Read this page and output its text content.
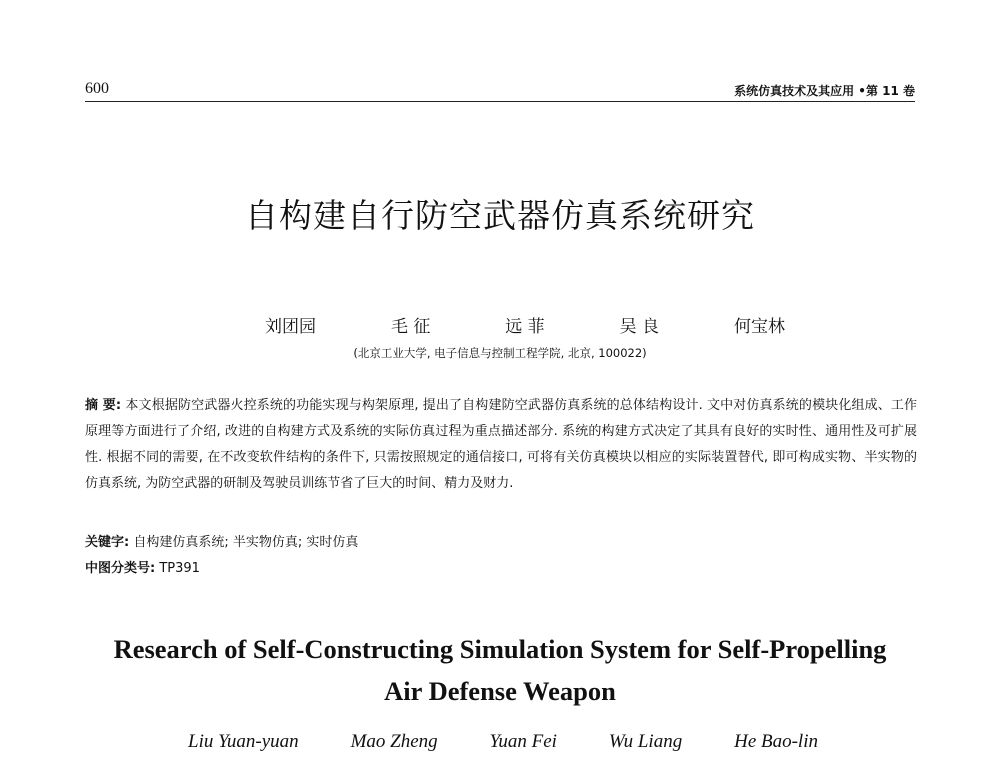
600	系统仿真技术及其应用 •第 11 卷
自构建自行防空武器仿真系统研究
刘团园	毛 征	远 菲	吴 良	何宝林
(北京工业大学, 电子信息与控制工程学院, 北京, 100022)
摘 要: 本文根据防空武器火控系统的功能实现与构架原理, 提出了自构建防空武器仿真系统的总体结构设计. 文中对仿真系统的模块化组成、工作原理等方面进行了介绍, 改进的自构建方式及系统的实际仿真过程为重点描述部分. 系统的构建方式决定了其具有良好的实时性、通用性及可扩展性. 根据不同的需要, 在不改变软件结构的条件下, 只需按照规定的通信接口, 可将有关仿真模块以相应的实际装置替代, 即可构成实物、半实物的仿真系统, 为防空武器的研制及驾驶员训练节省了巨大的时间、精力及财力.
关键字: 自构建仿真系统; 半实物仿真; 实时仿真
中图分类号: TP391
Research of Self-Constructing Simulation System for Self-Propelling
Air Defense Weapon
Liu Yuan-yuan	Mao Zheng	Yuan Fei	Wu Liang	He Bao-lin
